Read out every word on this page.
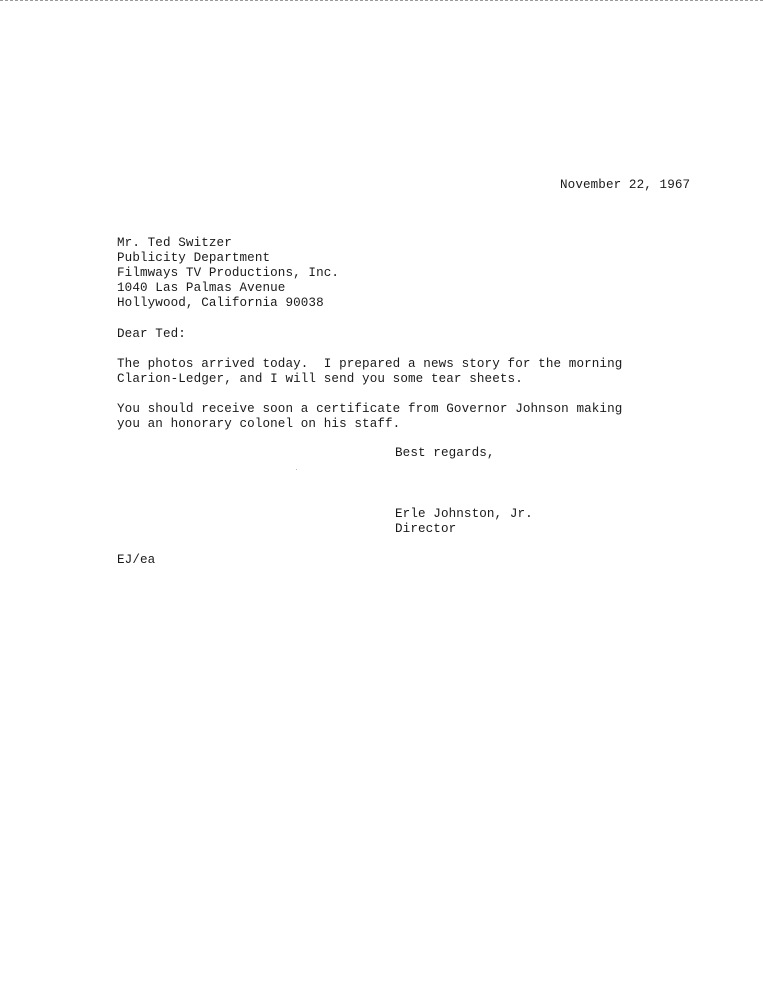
November 22, 1967
Mr. Ted Switzer
Publicity Department
Filmways TV Productions, Inc.
1040 Las Palmas Avenue
Hollywood, California 90038
Dear Ted:
The photos arrived today.  I prepared a news story for the morning
Clarion-Ledger, and I will send you some tear sheets.
You should receive soon a certificate from Governor Johnson making
you an honorary colonel on his staff.
Best regards,
Erle Johnston, Jr.
Director
EJ/ea
